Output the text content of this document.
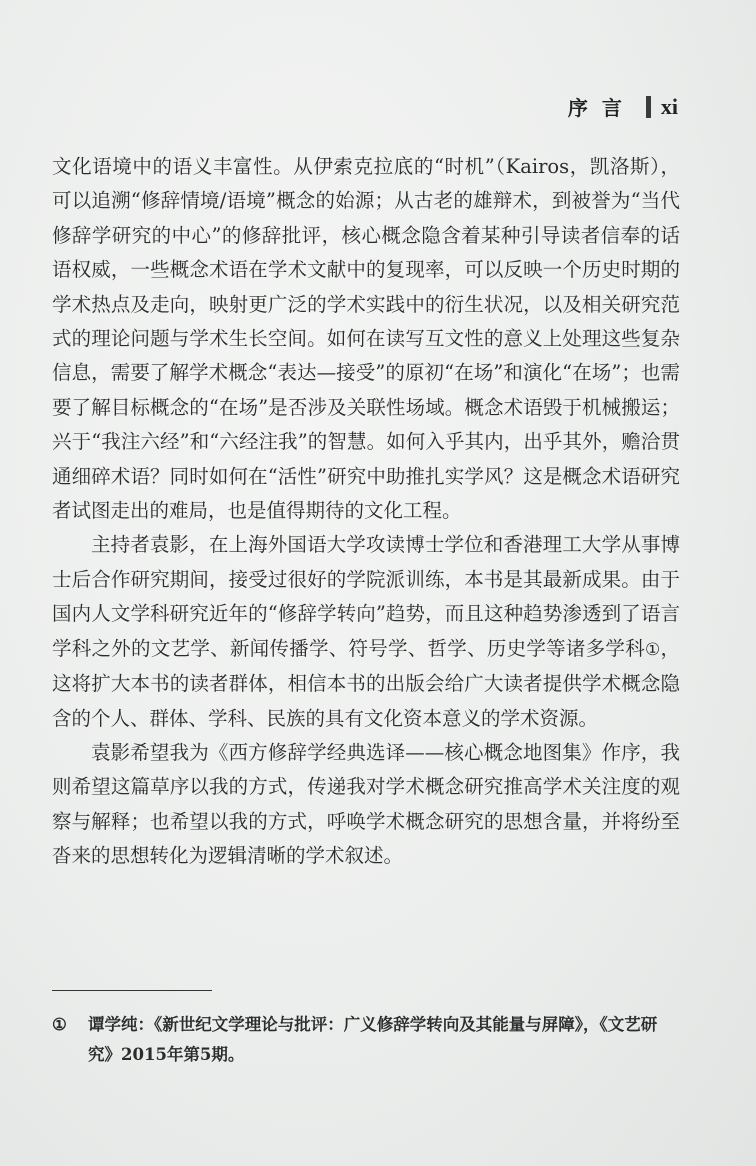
序言 xi

文化语境中的语义丰富性。从伊索克拉底的“时机”（Kairos，凯洛斯），可以追溯“修辞情境/语境”概念的始源；从古老的雄辩术，到被誉为“当代修辞学研究的中心”的修辞批评，核心概念隐含着某种引导读者信奉的话语权威，一些概念术语在学术文献中的复现率，可以反映一个历史时期的学术热点及走向，映射更广泛的学术实践中的衍生状况，以及相关研究范式的理论问题与学术生长空间。如何在读写互文性的意义上处理这些复杂信息，需要了解学术概念“表达—接受”的原初“在场”和演化“在场”；也需要了解目标概念的“在场”是否涉及关联性场域。概念术语毁于机械搬运；兴于“我注六经”和“六经注我”的智慧。如何入乎其内，出乎其外，赡洽贯通细碎术语？同时如何在“活性”研究中助推扎实学风？这是概念术语研究者试图走出的难局，也是值得期待的文化工程。

主持者袁影，在上海外国语大学攻读博士学位和香港理工大学从事博士后合作研究期间，接受过很好的学院派训练，本书是其最新成果。由于国内人文学科研究近年的“修辞学转向”趋势，而且这种趋势渗透到了语言学科之外的文艺学、新闻传播学、符号学、哲学、历史学等诸多学科①，这将扩大本书的读者群体，相信本书的出版会给广大读者提供学术概念隐含的个人、群体、学科、民族的具有文化资本意义的学术资源。

袁影希望我为《西方修辞学经典选译——核心概念地图集》作序，我则希望这篇草序以我的方式，传递我对学术概念研究推高学术关注度的观察与解释；也希望以我的方式，呼唤学术概念研究的思想含量，并将纷至沓来的思想转化为逻辑清晰的学术叙述。

①	谭学纯：《新世纪文学理论与批评：广义修辞学转向及其能量与屏障》，《文艺研究》2015年第5期。
